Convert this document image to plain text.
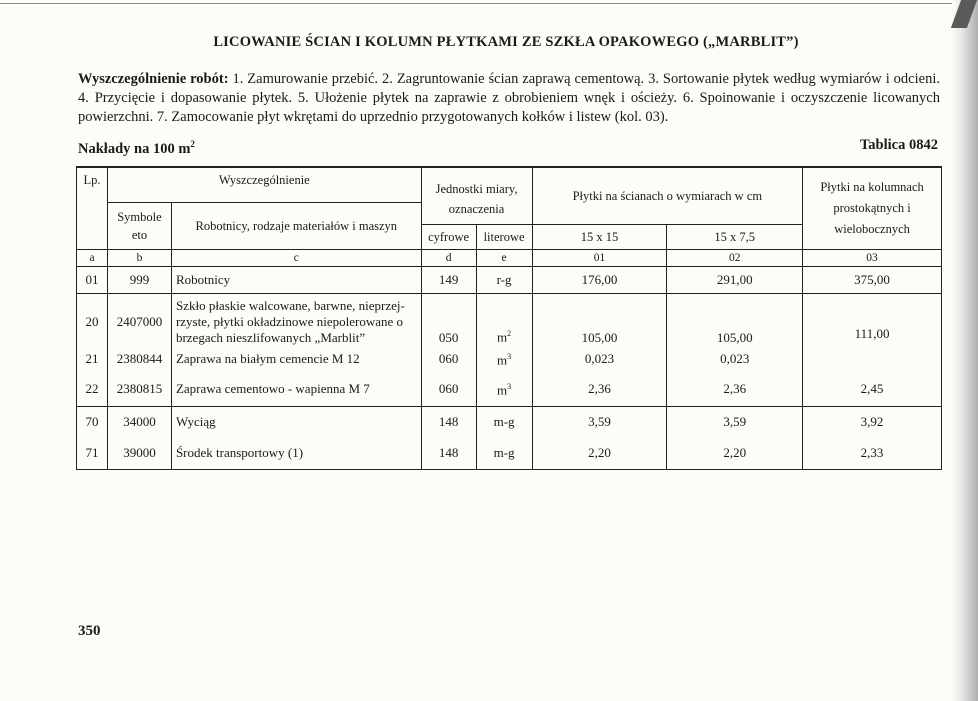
LICOWANIE ŚCIAN I KOLUMN PŁYTKAMI ZE SZKŁA OPAKOWEGO („MARBLIT”)
Wyszczególnienie robót: 1. Zamurowanie przebić. 2. Zagruntowanie ścian zaprawą cementową. 3. Sortowanie płytek według wymiarów i odcieni. 4. Przycięcie i dopasowanie płytek. 5. Ułożenie płytek na zaprawie z obrobieniem wnęk i ościeży. 6. Spoinowanie i oczyszczenie licowanych powierzchni. 7. Zamocowanie płyt wkrętami do uprzednio przygotowanych kołków i listew (kol. 03).
Nakłady na 100 $m^2$	Tablica 0842
Lp.	Wyszczególnienie		Jednostki miary, oznaczenia		Płytki na ścianach o wymiarach w cm		Płytki na kolumnach prostokątnych i wielobocznych
	Symbole eto	Robotnicy, rodzaje materiałów i maszyn					
			cyfrowe	literowe	15 x 15	15 x 7,5	
a	b	c	d	e	01	02	03
01	999	Robotnicy	149	r-g	176,00	291,00	375,00
20	2407000	Szkło płaskie walcowane, barwne, nieprzej-rzyste, płytki okładzinowe niepolerowane o brzegach nieszlifowanych „Marblit”	050	$m^2$	105,00	105,00	111,00
21	2380844	Zaprawa na białym cemencie M 12	060	$m^3$	0,023	0,023	
22	2380815	Zaprawa cementowo - wapienna M 7	060	$m^3$	2,36	2,36	2,45
70	34000	Wyciąg	148	m-g	3,59	3,59	3,92
71	39000	Środek transportowy (1)	148	m-g	2,20	2,20	2,33
350
